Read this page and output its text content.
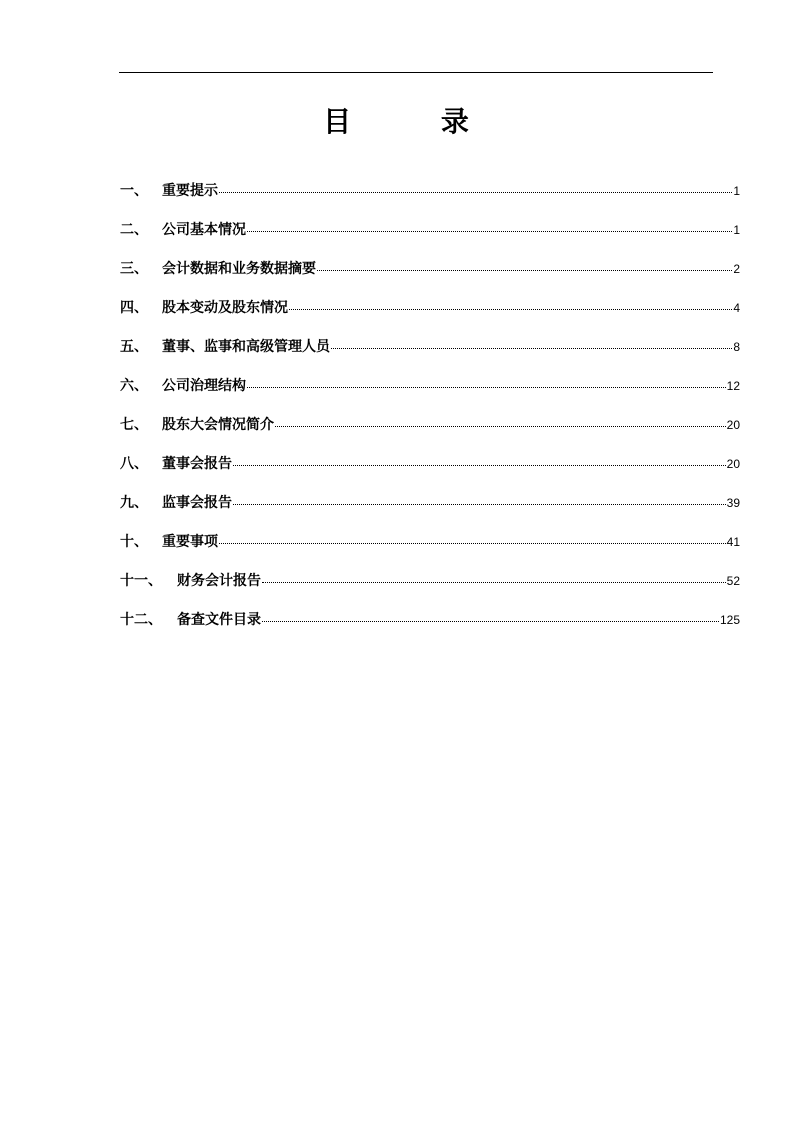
目 录
一、	重要提示	1
二、	公司基本情况	1
三、	会计数据和业务数据摘要	2
四、	股本变动及股东情况	4
五、	董事、监事和高级管理人员	8
六、	公司治理结构	12
七、	股东大会情况简介	20
八、	董事会报告	20
九、	监事会报告	39
十、	重要事项	41
十一、	财务会计报告	52
十二、	备查文件目录	125
